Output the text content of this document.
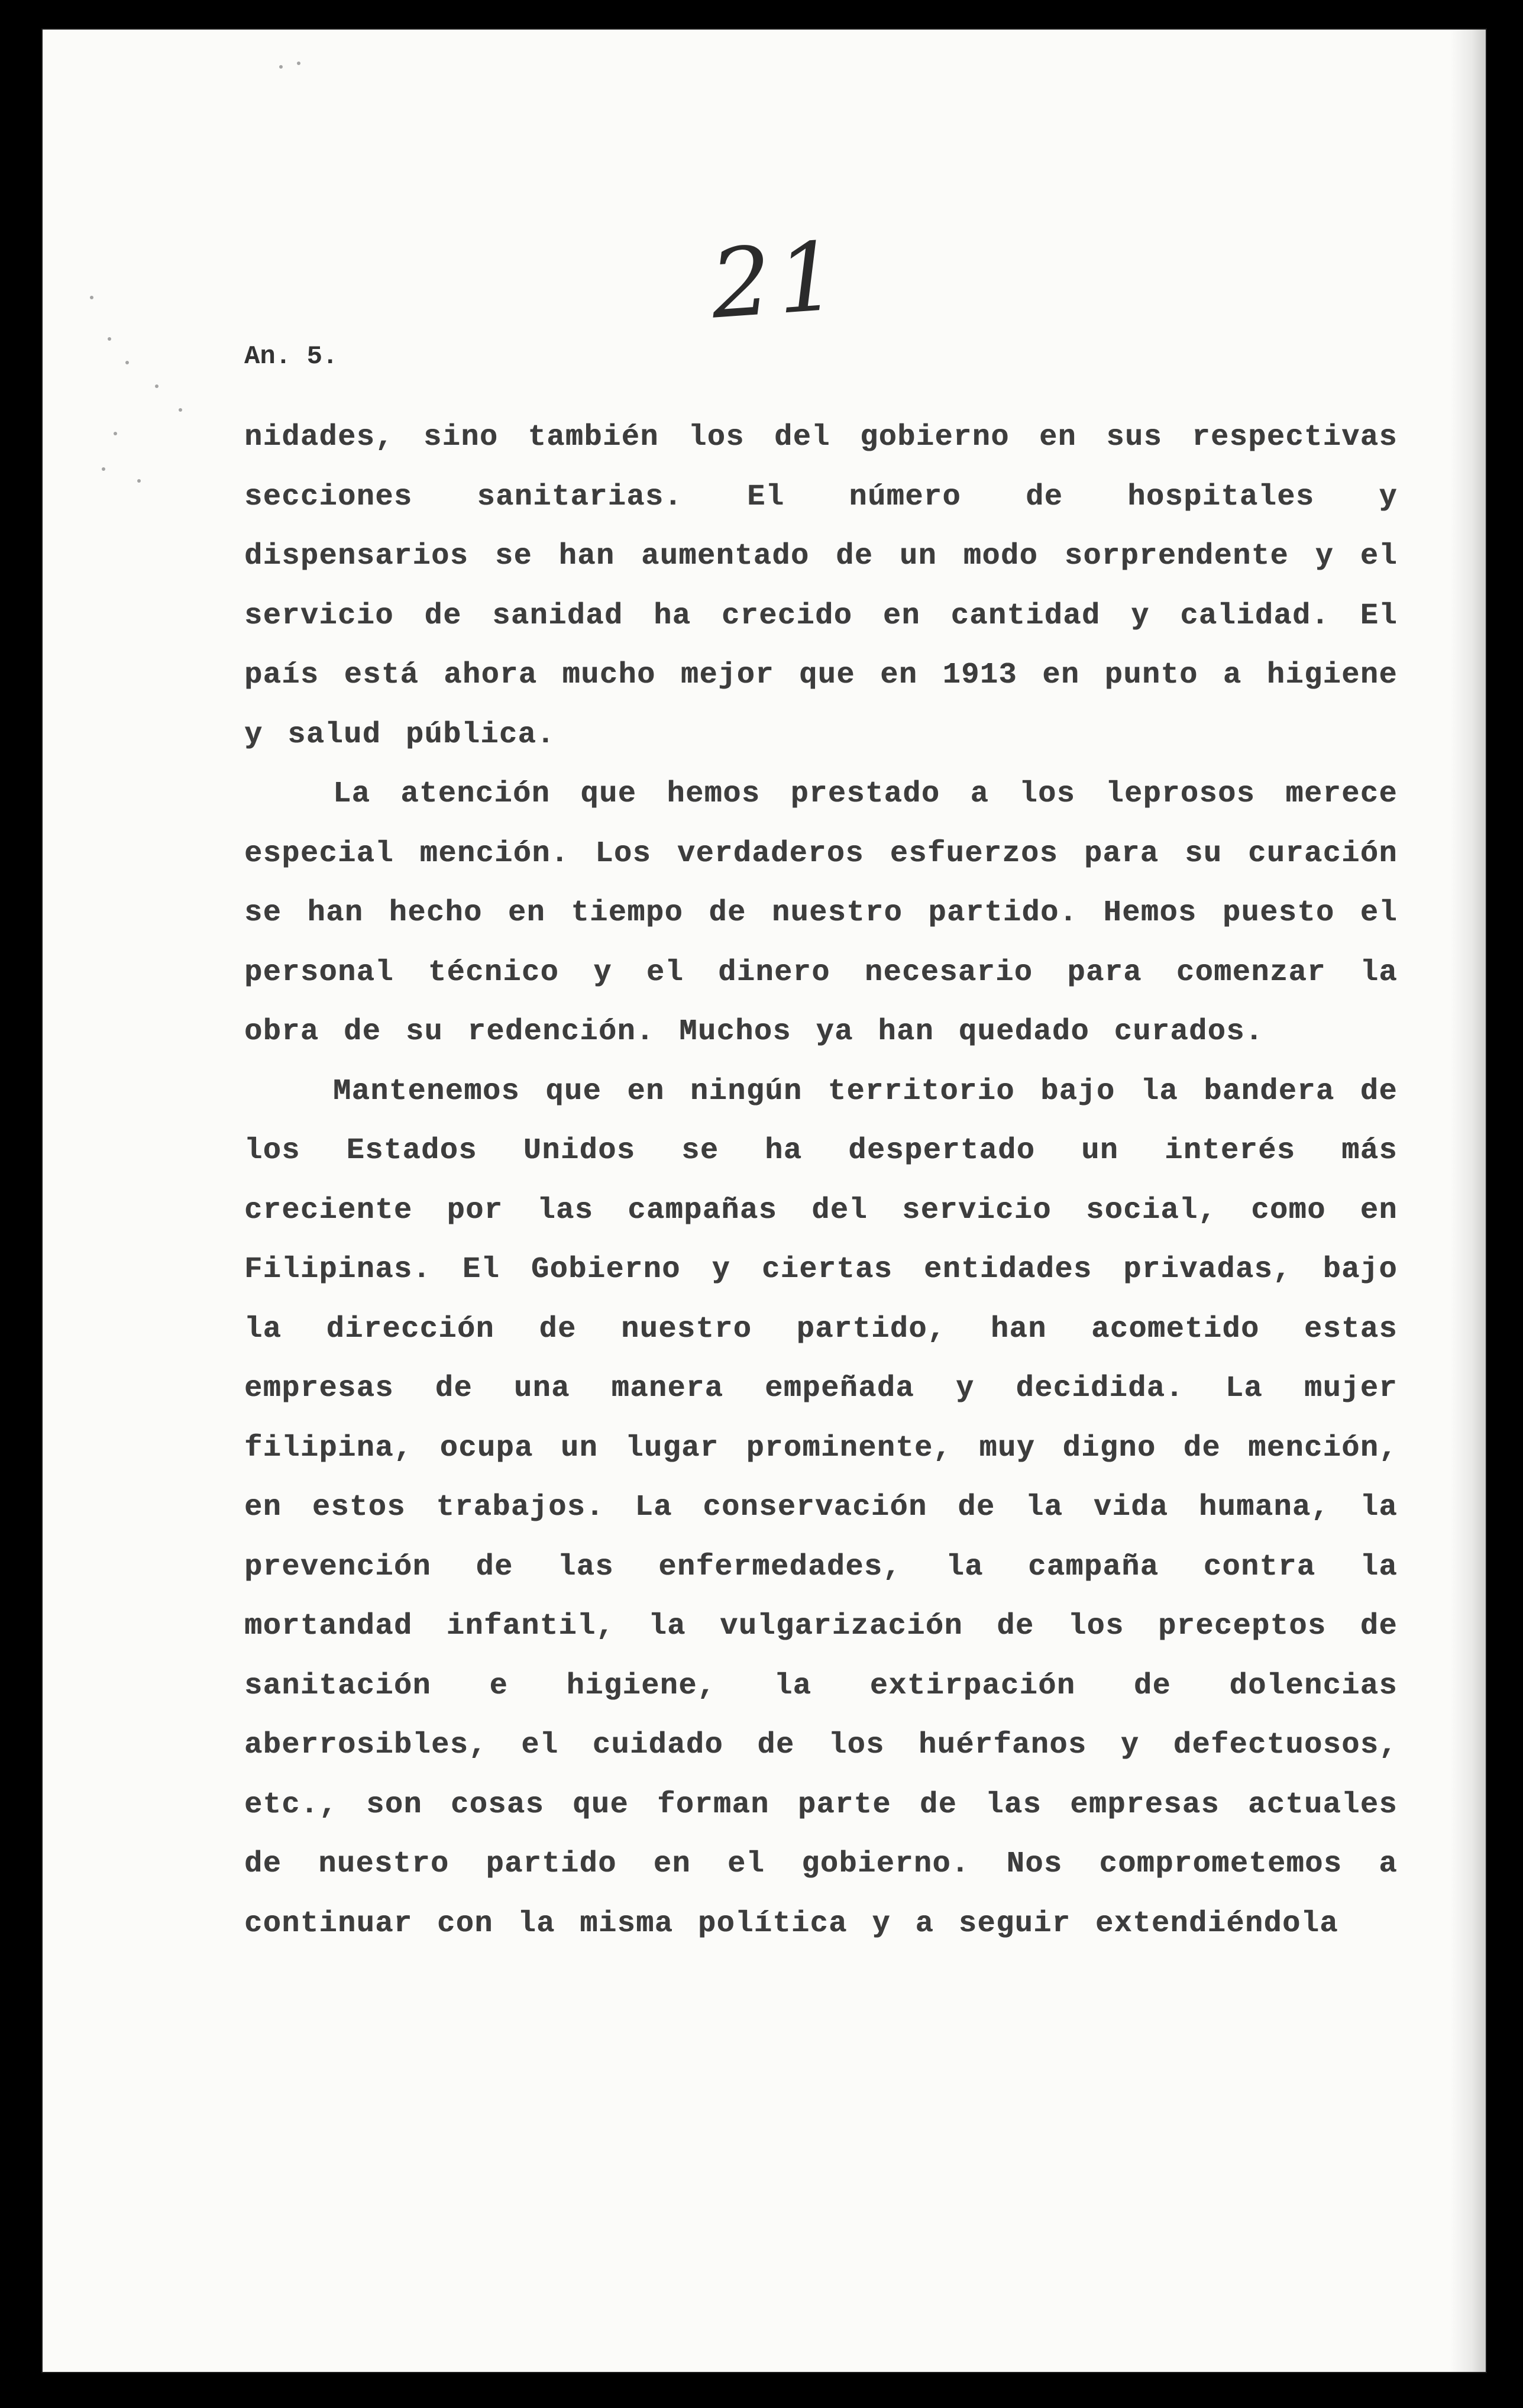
21
An. 5.

nidades, sino también los del gobierno en sus respectivas secciones sanitarias. El número de hospitales y dispensarios se han aumentado de un modo sorprendente y el servicio de sanidad ha crecido en cantidad y calidad. El país está ahora mucho mejor que en 1913 en punto a higiene y salud pública.

La atención que hemos prestado a los leprosos merece especial mención. Los verdaderos esfuerzos para su curación se han hecho en tiempo de nuestro partido. Hemos puesto el personal técnico y el dinero necesario para comenzar la obra de su redención. Muchos ya han quedado curados.

Mantenemos que en ningún territorio bajo la bandera de los Estados Unidos se ha despertado un interés más creciente por las campañas del servicio social, como en Filipinas. El Gobierno y ciertas entidades privadas, bajo la dirección de nuestro partido, han acometido estas empresas de una manera empeñada y decidida. La mujer filipina, ocupa un lugar prominente, muy digno de mención, en estos trabajos. La conservación de la vida humana, la prevención de las enfermedades, la campaña contra la mortandad infantil, la vulgarización de los preceptos de sanitación e higiene, la extirpación de dolencias aberrosibles, el cuidado de los huérfanos y defectuosos, etc., son cosas que forman parte de las empresas actuales de nuestro partido en el gobierno. Nos comprometemos a continuar con la misma política y a seguir extendiéndola
